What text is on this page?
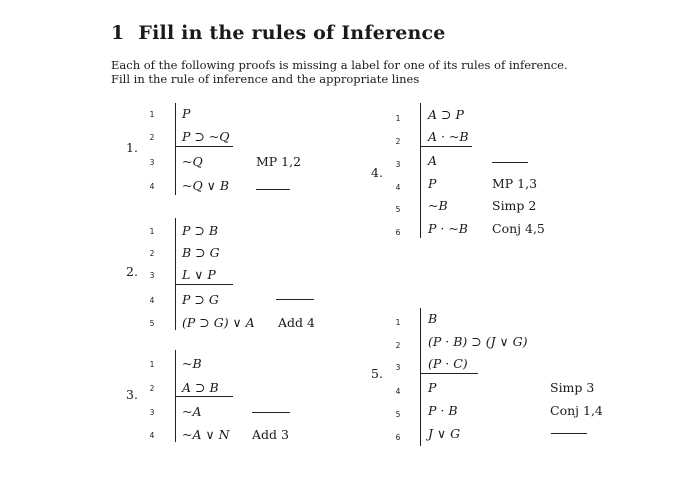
1 Fill in the rules of Inference
Each of the following proofs is missing a label for one of its rules of inference.
Fill in the rule of inference and the appropriate lines
1.
1 P
2 P ⊃ ~Q
3 ~Q	MP 1,2
4 ~Q ∨ B
2.
1 P ⊃ B
2 B ⊃ G
3 L ∨ P
4 P ⊃ G
5 (P ⊃ G) ∨ A Add 4
3.
1 ~B
2 A ⊃ B
3 ~A
4 ~A ∨ N Add 3
4.
1 A ⊃ P
2 A · ~B
3 A
4 P	MP 1,3
5 ~B	Simp 2
6 P · ~B Conj 4,5
5.
1 B
2 (P · B) ⊃ (J ∨ G)
3 (P · C)
4 P	Simp 3
5 P · B	Conj 1,4
6 J ∨ G
